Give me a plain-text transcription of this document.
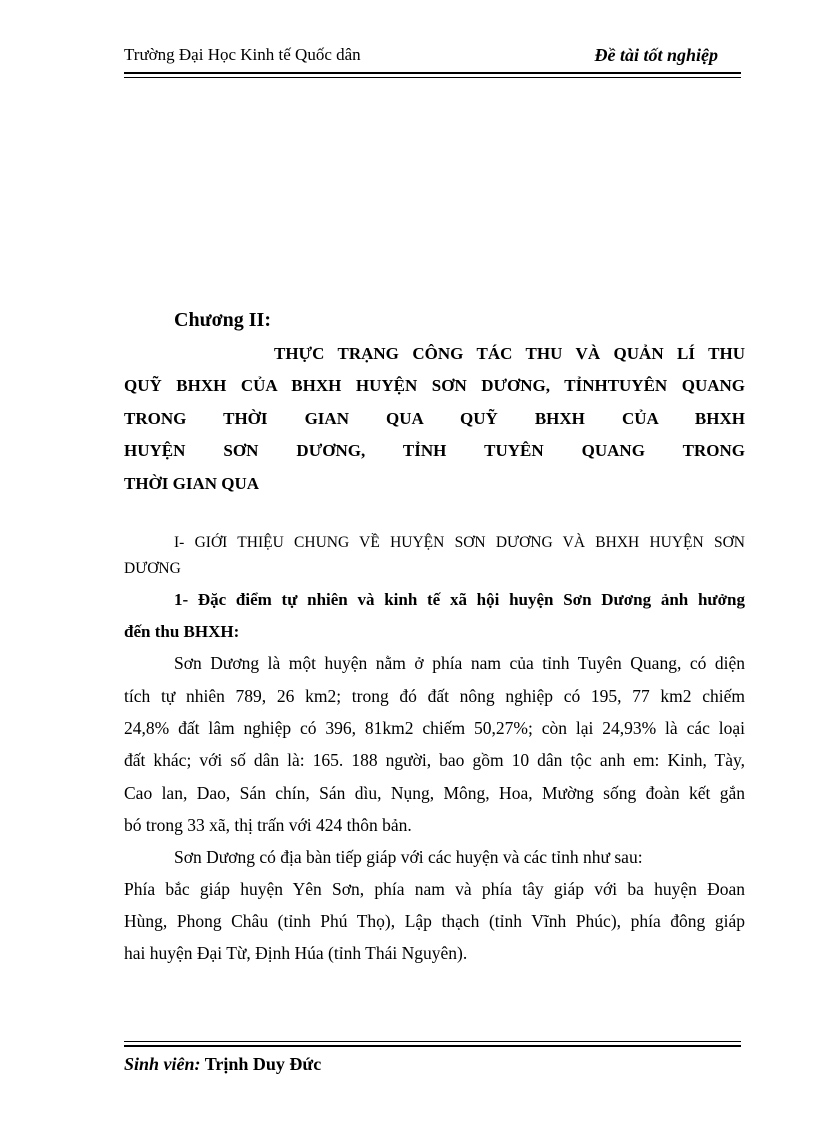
Trường Đại Học Kinh tế Quốc dân	Đề tài tốt nghiệp
Chương II:
THỰC TRẠNG CÔNG TÁC THU VÀ QUẢN LÍ THU
QUỸ BHXH CỦA BHXH HUYỆN SƠN DƯƠNG, TỈNHTUYÊN QUANG
TRONG THỜI GIAN QUA QUỸ BHXH CỦA BHXH
HUYỆN SƠN DƯƠNG, TỈNH TUYÊN QUANG TRONG
THỜI GIAN QUA
I- GIỚI THIỆU CHUNG VỀ HUYỆN SƠN DƯƠNG VÀ BHXH HUYỆN SƠN
DƯƠNG
1- Đặc điểm tự nhiên và kinh tế xã hội huyện Sơn Dương ảnh hưởng
đến thu BHXH:
Sơn Dương là một huyện nằm ở phía nam của tỉnh Tuyên Quang, có diện
tích tự nhiên 789, 26 km2; trong đó đất nông nghiệp có 195, 77 km2 chiếm
24,8% đất lâm nghiệp có 396, 81km2 chiếm 50,27%; còn lại 24,93% là các loại
đất khác; với số dân là: 165. 188 người, bao gồm 10 dân tộc anh em: Kinh, Tày,
Cao lan, Dao, Sán chín, Sán dìu, Nụng, Mông, Hoa, Mường sống đoàn kết gắn
bó trong 33 xã, thị trấn với 424 thôn bản.
Sơn Dương có địa bàn tiếp giáp với các huyện và các tỉnh như sau:
Phía bắc giáp huyện Yên Sơn, phía nam và phía tây giáp với ba huyện Đoan
Hùng, Phong Châu (tỉnh Phú Thọ), Lập thạch (tỉnh Vĩnh Phúc), phía đông giáp
hai huyện Đại Từ, Định Húa (tỉnh Thái Nguyên).
Sinh viên: Trịnh Duy Đức
